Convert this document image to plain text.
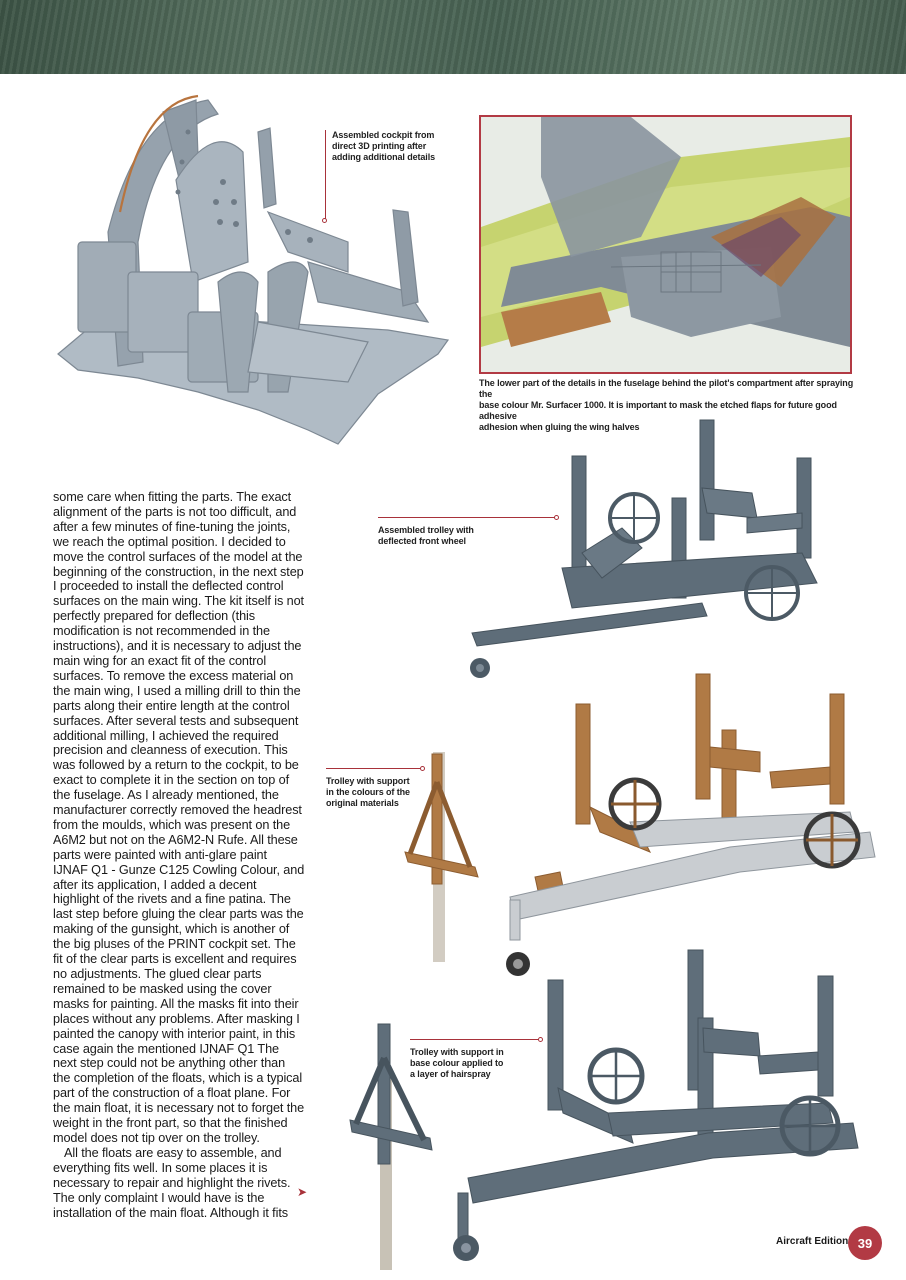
Assembled cockpit from
direct 3D printing after
adding additional details
The lower part of the details in the fuselage behind the pilot's compartment after spraying the
base colour Mr. Surfacer 1000. It is important to mask the etched flaps for future good adhesive
adhesion when gluing the wing halves
Assembled trolley with
deflected front wheel
Trolley with support
in the colours of the
original materials
Trolley with support in
base colour applied to
a layer of hairspray

some care when fitting the parts. The exact alignment of the parts is not too difficult, and after a few minutes of fine-tuning the joints, we reach the optimal position. I decided to move the control surfaces of the model at the beginning of the construction, in the next step I proceeded to install the deflected control surfaces on the main wing. The kit itself is not perfectly prepared for deflection (this modification is not recommended in the instructions), and it is necessary to adjust the main wing for an exact fit of the control surfaces. To remove the excess material on the main wing, I used a milling drill to thin the parts along their entire length at the control surfaces. After several tests and subsequent additional milling, I achieved the required precision and cleanness of execution. This was followed by a return to the cockpit, to be exact to complete it in the section on top of the fuselage. As I already mentioned, the manufacturer correctly removed the headrest from the moulds, which was present on the A6M2 but not on the A6M2-N Rufe. All these parts were painted with anti-glare paint IJNAF Q1 - Gunze C125 Cowling Colour, and after its application, I added a decent highlight of the rivets and a fine patina. The last step before gluing the clear parts was the making of the gunsight, which is another of the big pluses of the PRINT cockpit set. The fit of the clear parts is excellent and requires no adjustments. The glued clear parts remained to be masked using the cover masks for painting. All the masks fit into their places without any problems. After masking I painted the canopy with interior paint, in this case again the mentioned IJNAF Q1 The next step could not be anything other than the completion of the floats, which is a typical part of the construction of a float plane. For the main float, it is necessary not to forget the weight in the front part, so that the finished model does not tip over on the trolley.

All the floats are easy to assemble, and everything fits well. In some places it is necessary to repair and highlight the rivets. The only complaint I would have is the installation of the main float. Although it fits

➤
Aircraft Edition 39
